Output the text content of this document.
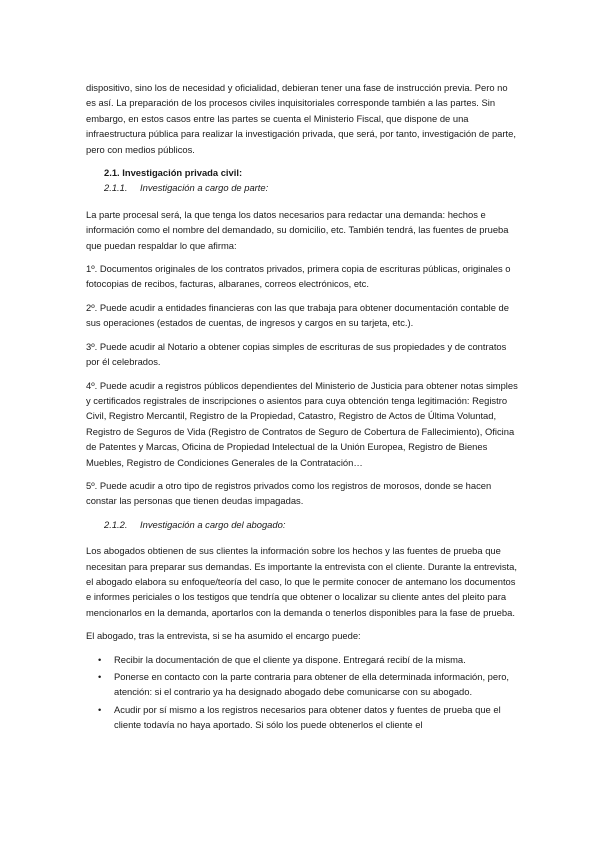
dispositivo, sino los de necesidad y oficialidad, debieran tener una fase de instrucción previa. Pero no es así. La preparación de los procesos civiles inquisitoriales corresponde también a las partes. Sin embargo, en estos casos entre las partes se cuenta el Ministerio Fiscal, que dispone de una infraestructura pública para realizar la investigación privada, que será, por tanto, investigación de parte, pero con medios públicos.

2.1. Investigación privada civil:
2.1.1. Investigación a cargo de parte:

La parte procesal será, la que tenga los datos necesarios para redactar una demanda: hechos e información como el nombre del demandado, su domicilio, etc. También tendrá, las fuentes de prueba que puedan respaldar lo que afirma:

1º. Documentos originales de los contratos privados, primera copia de escrituras públicas, originales o fotocopias de recibos, facturas, albaranes, correos electrónicos, etc.

2º. Puede acudir a entidades financieras con las que trabaja para obtener documentación contable de sus operaciones (estados de cuentas, de ingresos y cargos en su tarjeta, etc.).

3º. Puede acudir al Notario a obtener copias simples de escrituras de sus propiedades y de contratos por él celebrados.

4º. Puede acudir a registros públicos dependientes del Ministerio de Justicia para obtener notas simples y certificados registrales de inscripciones o asientos para cuya obtención tenga legitimación: Registro Civil, Registro Mercantil, Registro de la Propiedad, Catastro, Registro de Actos de Última Voluntad, Registro de Seguros de Vida (Registro de Contratos de Seguro de Cobertura de Fallecimiento), Oficina de Patentes y Marcas, Oficina de Propiedad Intelectual de la Unión Europea, Registro de Bienes Muebles, Registro de Condiciones Generales de la Contratación…

5º. Puede acudir a otro tipo de registros privados como los registros de morosos, donde se hacen constar las personas que tienen deudas impagadas.

2.1.2. Investigación a cargo del abogado:

Los abogados obtienen de sus clientes la información sobre los hechos y las fuentes de prueba que necesitan para preparar sus demandas. Es importante la entrevista con el cliente. Durante la entrevista, el abogado elabora su enfoque/teoría del caso, lo que le permite conocer de antemano los documentos e informes periciales o los testigos que tendría que obtener o localizar su cliente antes del pleito para mencionarlos en la demanda, aportarlos con la demanda o tenerlos disponibles para la fase de prueba.

El abogado, tras la entrevista, si se ha asumido el encargo puede:

• Recibir la documentación de que el cliente ya dispone. Entregará recibí de la misma.
• Ponerse en contacto con la parte contraria para obtener de ella determinada información, pero, atención: si el contrario ya ha designado abogado debe comunicarse con su abogado.
• Acudir por sí mismo a los registros necesarios para obtener datos y fuentes de prueba que el cliente todavía no haya aportado. Si sólo los puede obtenerlos el cliente el
